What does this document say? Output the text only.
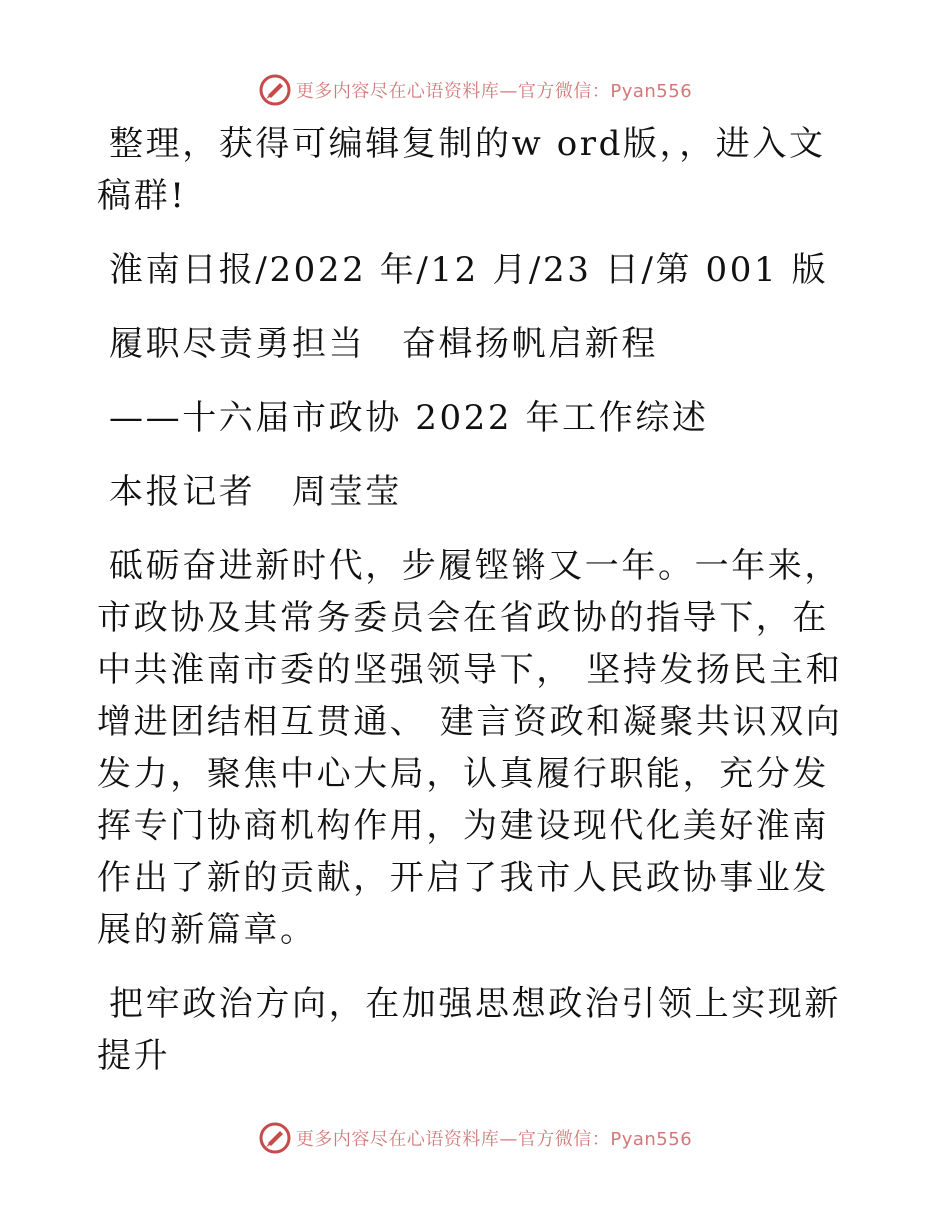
更多内容尽在心语资料库—官方微信：Pyan556

整理，获得可编辑复制的w ord版，，进入文稿群!

淮南日报/2022 年/12 月/23 日/第 001 版

履职尽责勇担当　奋楫扬帆启新程

——十六届市政协 2022 年工作综述

本报记者　周莹莹

砥砺奋进新时代，步履铿锵又一年。一年来，市政协及其常务委员会在省政协的指导下，在中共淮南市委的坚强领导下， 坚持发扬民主和增进团结相互贯通、 建言资政和凝聚共识双向发力，聚焦中心大局，认真履行职能，充分发挥专门协商机构作用，为建设现代化美好淮南作出了新的贡献，开启了我市人民政协事业发展的新篇章。

把牢政治方向，在加强思想政治引领上实现新提升

更多内容尽在心语资料库—官方微信：Pyan556
